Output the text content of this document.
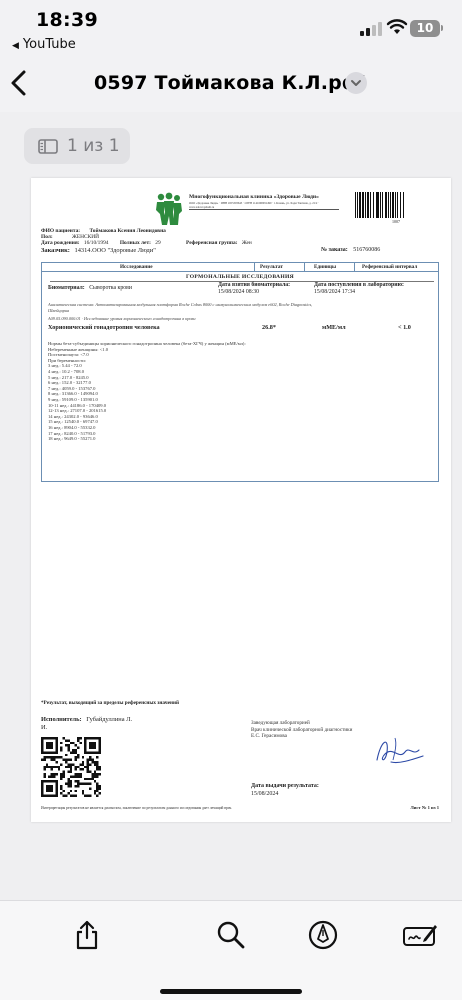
18:39
◀ YouTube
10
0597 Тоймакова К.Л.pdf
1 из 1
Многофункциональная клиника «Здоровые Люди»
ООО «Здоровые Люди» · ИНН 1655303645 · ОГРН 1141690091490 · г. Казань, ул. Хади Такташа, д. 21/2 · www.zdorovyeludi.ru
1007
ФИО пациента: Тоймакова Ксения Леонидовна
Пол:	ЖЕНСКИЙ
Дата рождения: 16/10/1994 Полных лет: 29	Референсная группа: Жен
Заказчик: 14314.ООО "Здоровые Люди"	№ заказа: 516760086
Исследование	Результат	Единицы	Референсный интервал
ГОРМОНАЛЬНЫЕ ИССЛЕДОВАНИЯ
Биоматериал: Сыворотка крови	Дата взятия биоматериала:
15/08/2024 08:30
Дата поступления в лабораторию:
15/08/2024 17:34
Аналитическая система: Автоматизированная модульная платформа Roche Cobas 8000 с иммунохимическим модулем e602, Roche Diagnostics,
Швейцария
A09.05.090.000.01 · Исследование уровня хорионического гонадотропина в крови
Хорионический гонадотропин человека	26.8*	мМЕ/мл	< 1.0
Нормы бета-субъединицы хорионического гонадотропина человека (бета-ХГЧ) у женщин (мМЕ/мл):
Небеременные женщины: <1.0
Постменопауза: <7.0
При беременности:
3 нед.: 5.44 - 72.0
4 нед.: 10.2 - 708.0
5 нед.: 217.0 - 8245.0
6 нед.: 152.0 - 32177.0
7 нед.: 4059.0 - 153767.0
8 нед.: 31366.0 - 149094.0
9 нед.: 59109.0 - 135901.0
10-11 нед.: 44186.0 - 170409.0
12-13 нед.: 27107.0 - 201615.0
14 нед.: 24302.0 - 93646.0
15 нед.: 12540.0 - 69747.0
16 нед.: 8904.0 - 55332.0
17 нед.: 8240.0 - 51793.0
18 нед.: 9649.0 - 55271.0
*Результат, выходящий за пределы референсных значений
Исполнитель: Губайдуллина Л.
И.
Заведующая лабораторией
Врач клинической лабораторной диагностики
Е.С. Герасимова
Дата выдачи результата:
15/08/2024
Интерпретация результатов не является диагнозом, заключение по результатам данного исследования дает лечащий врач.	Лист № 1 из 1
